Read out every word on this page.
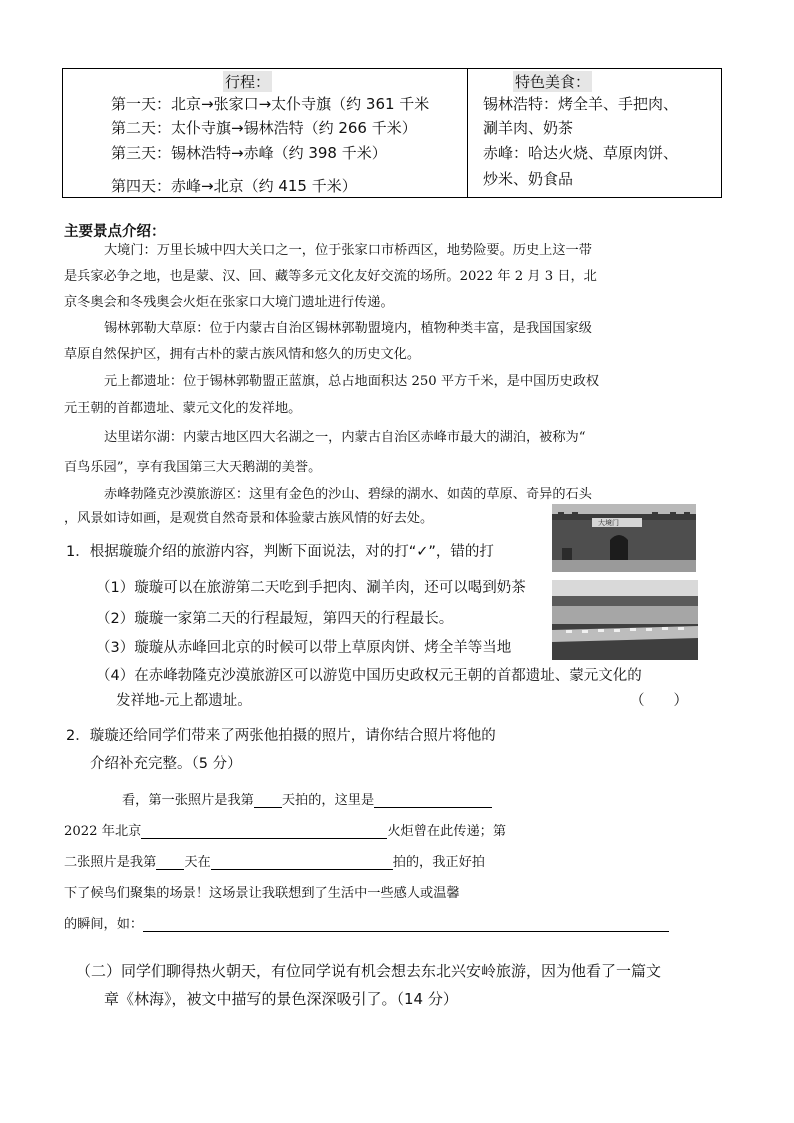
行程：
第一天：北京→张家口→太仆寺旗（约 361 千米
第二天：太仆寺旗→锡林浩特（约 266 千米）
第三天：锡林浩特→赤峰（约 398 千米）
第四天：赤峰→北京（约 415 千米）
特色美食：
锡林浩特：烤全羊、手把肉、
涮羊肉、奶茶
赤峰：哈达火烧、草原肉饼、
炒米、奶食品
主要景点介绍：
大境门：万里长城中四大关口之一，位于张家口市桥西区，地势险要。历史上这一带
是兵家必争之地，也是蒙、汉、回、藏等多元文化友好交流的场所。2022 年 2 月 3 日，北
京冬奥会和冬残奥会火炬在张家口大境门遗址进行传递。
锡林郭勒大草原：位于内蒙古自治区锡林郭勒盟境内，植物种类丰富，是我国国家级
草原自然保护区，拥有古朴的蒙古族风情和悠久的历史文化。
元上都遗址：位于锡林郭勒盟正蓝旗，总占地面积达 250 平方千米，是中国历史政权
元王朝的首都遗址、蒙元文化的发祥地。
达里诺尔湖：内蒙古地区四大名湖之一，内蒙古自治区赤峰市最大的湖泊，被称为“
百鸟乐园”，享有我国第三大天鹅湖的美誉。
赤峰勃隆克沙漠旅游区：这里有金色的沙山、碧绿的湖水、如茵的草原、奇异的石头
，风景如诗如画，是观赏自然奇景和体验蒙古族风情的好去处。
1．根据璇璇介绍的旅游内容，判断下面说法，对的打“✓”，错的打
（1）璇璇可以在旅游第二天吃到手把肉、涮羊肉，还可以喝到奶茶
（2）璇璇一家第二天的行程最短，第四天的行程最长。
（3）璇璇从赤峰回北京的时候可以带上草原肉饼、烤全羊等当地
（4）在赤峰勃隆克沙漠旅游区可以游览中国历史政权元王朝的首都遗址、蒙元文化的
发祥地-元上都遗址。	（　　）
大境门
2．璇璇还给同学们带来了两张他拍摄的照片，请你结合照片将他的
介绍补充完整。（5 分）
看，第一张照片是我第 天拍的，这里是
2022 年北京	火炬曾在此传递；第
二张照片是我第 天在	拍的，我正好拍
下了候鸟们聚集的场景！这场景让我联想到了生活中一些感人或温馨
的瞬间，如：
（二）同学们聊得热火朝天，有位同学说有机会想去东北兴安岭旅游，因为他看了一篇文
章《林海》，被文中描写的景色深深吸引了。（14 分）
